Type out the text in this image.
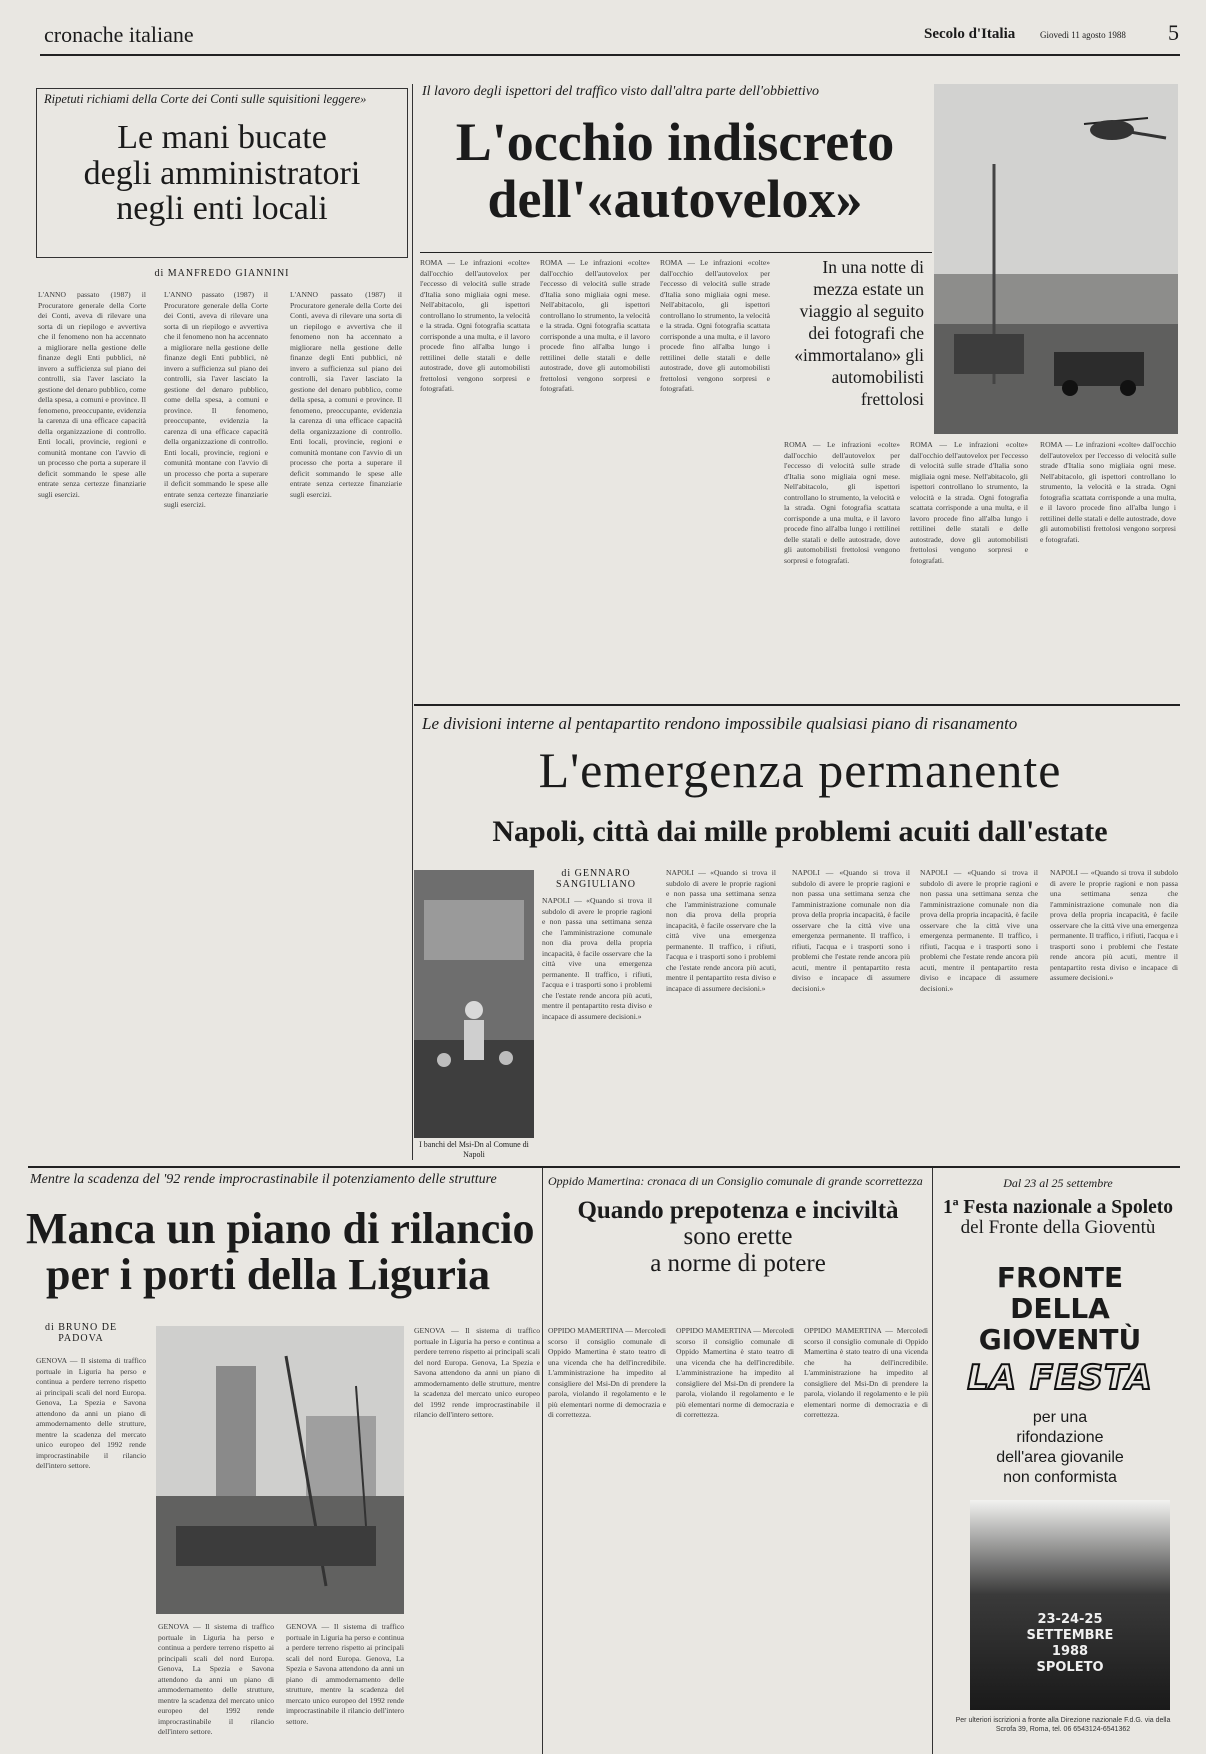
cronache italiane	Secolo d'Italia	Giovedì 11 agosto 1988 5
Ripetuti richiami della Corte dei Conti sulle squisitioni leggere»
Le mani bucate
degli amministratori
negli enti locali
di MANFREDO GIANNINI
L'ANNO passato (1987) il Procuratore generale della Corte dei Conti, aveva di rilevare una sorta di un riepilogo e avvertiva che il fenomeno non ha accennato a migliorare nella gestione delle finanze degli Enti pubblici, nè invero a sufficienza sul piano dei controlli, sia l'aver lasciato la gestione del denaro pubblico, come della spesa, a comuni e province. Il fenomeno, preoccupante, evidenzia la carenza di una efficace capacità della organizzazione di controllo. Enti locali, provincie, regioni e comunità montane con l'avvio di un processo che porta a superare il deficit sommando le spese alle entrate senza certezze finanziarie sugli esercizi.
L'ANNO passato (1987) il Procuratore generale della Corte dei Conti, aveva di rilevare una sorta di un riepilogo e avvertiva che il fenomeno non ha accennato a migliorare nella gestione delle finanze degli Enti pubblici, nè invero a sufficienza sul piano dei controlli, sia l'aver lasciato la gestione del denaro pubblico, come della spesa, a comuni e province. Il fenomeno, preoccupante, evidenzia la carenza di una efficace capacità della organizzazione di controllo. Enti locali, provincie, regioni e comunità montane con l'avvio di un processo che porta a superare il deficit sommando le spese alle entrate senza certezze finanziarie sugli esercizi.
L'ANNO passato (1987) il Procuratore generale della Corte dei Conti, aveva di rilevare una sorta di un riepilogo e avvertiva che il fenomeno non ha accennato a migliorare nella gestione delle finanze degli Enti pubblici, nè invero a sufficienza sul piano dei controlli, sia l'aver lasciato la gestione del denaro pubblico, come della spesa, a comuni e province. Il fenomeno, preoccupante, evidenzia la carenza di una efficace capacità della organizzazione di controllo. Enti locali, provincie, regioni e comunità montane con l'avvio di un processo che porta a superare il deficit sommando le spese alle entrate senza certezze finanziarie sugli esercizi.
Il lavoro degli ispettori del traffico visto dall'altra parte dell'obbiettivo
L'occhio indiscreto
dell'«autovelox»
ROMA — Le infrazioni «colte» dall'occhio dell'autovelox per l'eccesso di velocità sulle strade d'Italia sono migliaia ogni mese. Nell'abitacolo, gli ispettori controllano lo strumento, la velocità e la strada. Ogni fotografia scattata corrisponde a una multa, e il lavoro procede fino all'alba lungo i rettilinei delle statali e delle autostrade, dove gli automobilisti frettolosi vengono sorpresi e fotografati.
ROMA — Le infrazioni «colte» dall'occhio dell'autovelox per l'eccesso di velocità sulle strade d'Italia sono migliaia ogni mese. Nell'abitacolo, gli ispettori controllano lo strumento, la velocità e la strada. Ogni fotografia scattata corrisponde a una multa, e il lavoro procede fino all'alba lungo i rettilinei delle statali e delle autostrade, dove gli automobilisti frettolosi vengono sorpresi e fotografati.
ROMA — Le infrazioni «colte» dall'occhio dell'autovelox per l'eccesso di velocità sulle strade d'Italia sono migliaia ogni mese. Nell'abitacolo, gli ispettori controllano lo strumento, la velocità e la strada. Ogni fotografia scattata corrisponde a una multa, e il lavoro procede fino all'alba lungo i rettilinei delle statali e delle autostrade, dove gli automobilisti frettolosi vengono sorpresi e fotografati.
ROMA — Le infrazioni «colte» dall'occhio dell'autovelox per l'eccesso di velocità sulle strade d'Italia sono migliaia ogni mese. Nell'abitacolo, gli ispettori controllano lo strumento, la velocità e la strada. Ogni fotografia scattata corrisponde a una multa, e il lavoro procede fino all'alba lungo i rettilinei delle statali e delle autostrade, dove gli automobilisti frettolosi vengono sorpresi e fotografati.
ROMA — Le infrazioni «colte» dall'occhio dell'autovelox per l'eccesso di velocità sulle strade d'Italia sono migliaia ogni mese. Nell'abitacolo, gli ispettori controllano lo strumento, la velocità e la strada. Ogni fotografia scattata corrisponde a una multa, e il lavoro procede fino all'alba lungo i rettilinei delle statali e delle autostrade, dove gli automobilisti frettolosi vengono sorpresi e fotografati.
ROMA — Le infrazioni «colte» dall'occhio dell'autovelox per l'eccesso di velocità sulle strade d'Italia sono migliaia ogni mese. Nell'abitacolo, gli ispettori controllano lo strumento, la velocità e la strada. Ogni fotografia scattata corrisponde a una multa, e il lavoro procede fino all'alba lungo i rettilinei delle statali e delle autostrade, dove gli automobilisti frettolosi vengono sorpresi e fotografati.
In una notte di mezza estate un viaggio al seguito dei fotografi che «immortalano» gli automobilisti frettolosi
Le divisioni interne al pentapartito rendono impossibile qualsiasi piano di risanamento
L'emergenza permanente
Napoli, città dai mille problemi acuiti dall'estate
I banchi del Msi-Dn al Comune di Napoli
di GENNARO SANGIULIANO
NAPOLI — «Quando si trova il subdolo di avere le proprie ragioni e non passa una settimana senza che l'amministrazione comunale non dia prova della propria incapacità, è facile osservare che la città vive una emergenza permanente. Il traffico, i rifiuti, l'acqua e i trasporti sono i problemi che l'estate rende ancora più acuti, mentre il pentapartito resta diviso e incapace di assumere decisioni.»
NAPOLI — «Quando si trova il subdolo di avere le proprie ragioni e non passa una settimana senza che l'amministrazione comunale non dia prova della propria incapacità, è facile osservare che la città vive una emergenza permanente. Il traffico, i rifiuti, l'acqua e i trasporti sono i problemi che l'estate rende ancora più acuti, mentre il pentapartito resta diviso e incapace di assumere decisioni.»
NAPOLI — «Quando si trova il subdolo di avere le proprie ragioni e non passa una settimana senza che l'amministrazione comunale non dia prova della propria incapacità, è facile osservare che la città vive una emergenza permanente. Il traffico, i rifiuti, l'acqua e i trasporti sono i problemi che l'estate rende ancora più acuti, mentre il pentapartito resta diviso e incapace di assumere decisioni.»
NAPOLI — «Quando si trova il subdolo di avere le proprie ragioni e non passa una settimana senza che l'amministrazione comunale non dia prova della propria incapacità, è facile osservare che la città vive una emergenza permanente. Il traffico, i rifiuti, l'acqua e i trasporti sono i problemi che l'estate rende ancora più acuti, mentre il pentapartito resta diviso e incapace di assumere decisioni.»
NAPOLI — «Quando si trova il subdolo di avere le proprie ragioni e non passa una settimana senza che l'amministrazione comunale non dia prova della propria incapacità, è facile osservare che la città vive una emergenza permanente. Il traffico, i rifiuti, l'acqua e i trasporti sono i problemi che l'estate rende ancora più acuti, mentre il pentapartito resta diviso e incapace di assumere decisioni.»
Mentre la scadenza del '92 rende improcrastinabile il potenziamento delle strutture
Manca un piano di rilancio
per i porti della Liguria
di BRUNO DE PADOVA
GENOVA — Il sistema di traffico portuale in Liguria ha perso e continua a perdere terreno rispetto ai principali scali del nord Europa. Genova, La Spezia e Savona attendono da anni un piano di ammodernamento delle strutture, mentre la scadenza del mercato unico europeo del 1992 rende improcrastinabile il rilancio dell'intero settore.
GENOVA — Il sistema di traffico portuale in Liguria ha perso e continua a perdere terreno rispetto ai principali scali del nord Europa. Genova, La Spezia e Savona attendono da anni un piano di ammodernamento delle strutture, mentre la scadenza del mercato unico europeo del 1992 rende improcrastinabile il rilancio dell'intero settore.
GENOVA — Il sistema di traffico portuale in Liguria ha perso e continua a perdere terreno rispetto ai principali scali del nord Europa. Genova, La Spezia e Savona attendono da anni un piano di ammodernamento delle strutture, mentre la scadenza del mercato unico europeo del 1992 rende improcrastinabile il rilancio dell'intero settore.
GENOVA — Il sistema di traffico portuale in Liguria ha perso e continua a perdere terreno rispetto ai principali scali del nord Europa. Genova, La Spezia e Savona attendono da anni un piano di ammodernamento delle strutture, mentre la scadenza del mercato unico europeo del 1992 rende improcrastinabile il rilancio dell'intero settore.
Oppido Mamertina: cronaca di un Consiglio comunale di grande scorrettezza
Quando prepotenza e inciviltà
sono erette
a norme di potere
OPPIDO MAMERTINA — Mercoledì scorso il consiglio comunale di Oppido Mamertina è stato teatro di una vicenda che ha dell'incredibile. L'amministrazione ha impedito al consigliere del Msi-Dn di prendere la parola, violando il regolamento e le più elementari norme di democrazia e di correttezza.
OPPIDO MAMERTINA — Mercoledì scorso il consiglio comunale di Oppido Mamertina è stato teatro di una vicenda che ha dell'incredibile. L'amministrazione ha impedito al consigliere del Msi-Dn di prendere la parola, violando il regolamento e le più elementari norme di democrazia e di correttezza.
OPPIDO MAMERTINA — Mercoledì scorso il consiglio comunale di Oppido Mamertina è stato teatro di una vicenda che ha dell'incredibile. L'amministrazione ha impedito al consigliere del Msi-Dn di prendere la parola, violando il regolamento e le più elementari norme di democrazia e di correttezza.
Dal 23 al 25 settembre
1ª Festa nazionale a Spoleto
del Fronte della Gioventù
FRONTE
DELLA
GIOVENTÙ
LA FESTA
per una
rifondazione
dell'area giovanile
non conformista
23-24-25
SETTEMBRE
1988
SPOLETO
Per ulteriori iscrizioni a fronte alla Direzione nazionale F.d.G. via della Scrofa 39, Roma, tel. 06 6543124-6541362
